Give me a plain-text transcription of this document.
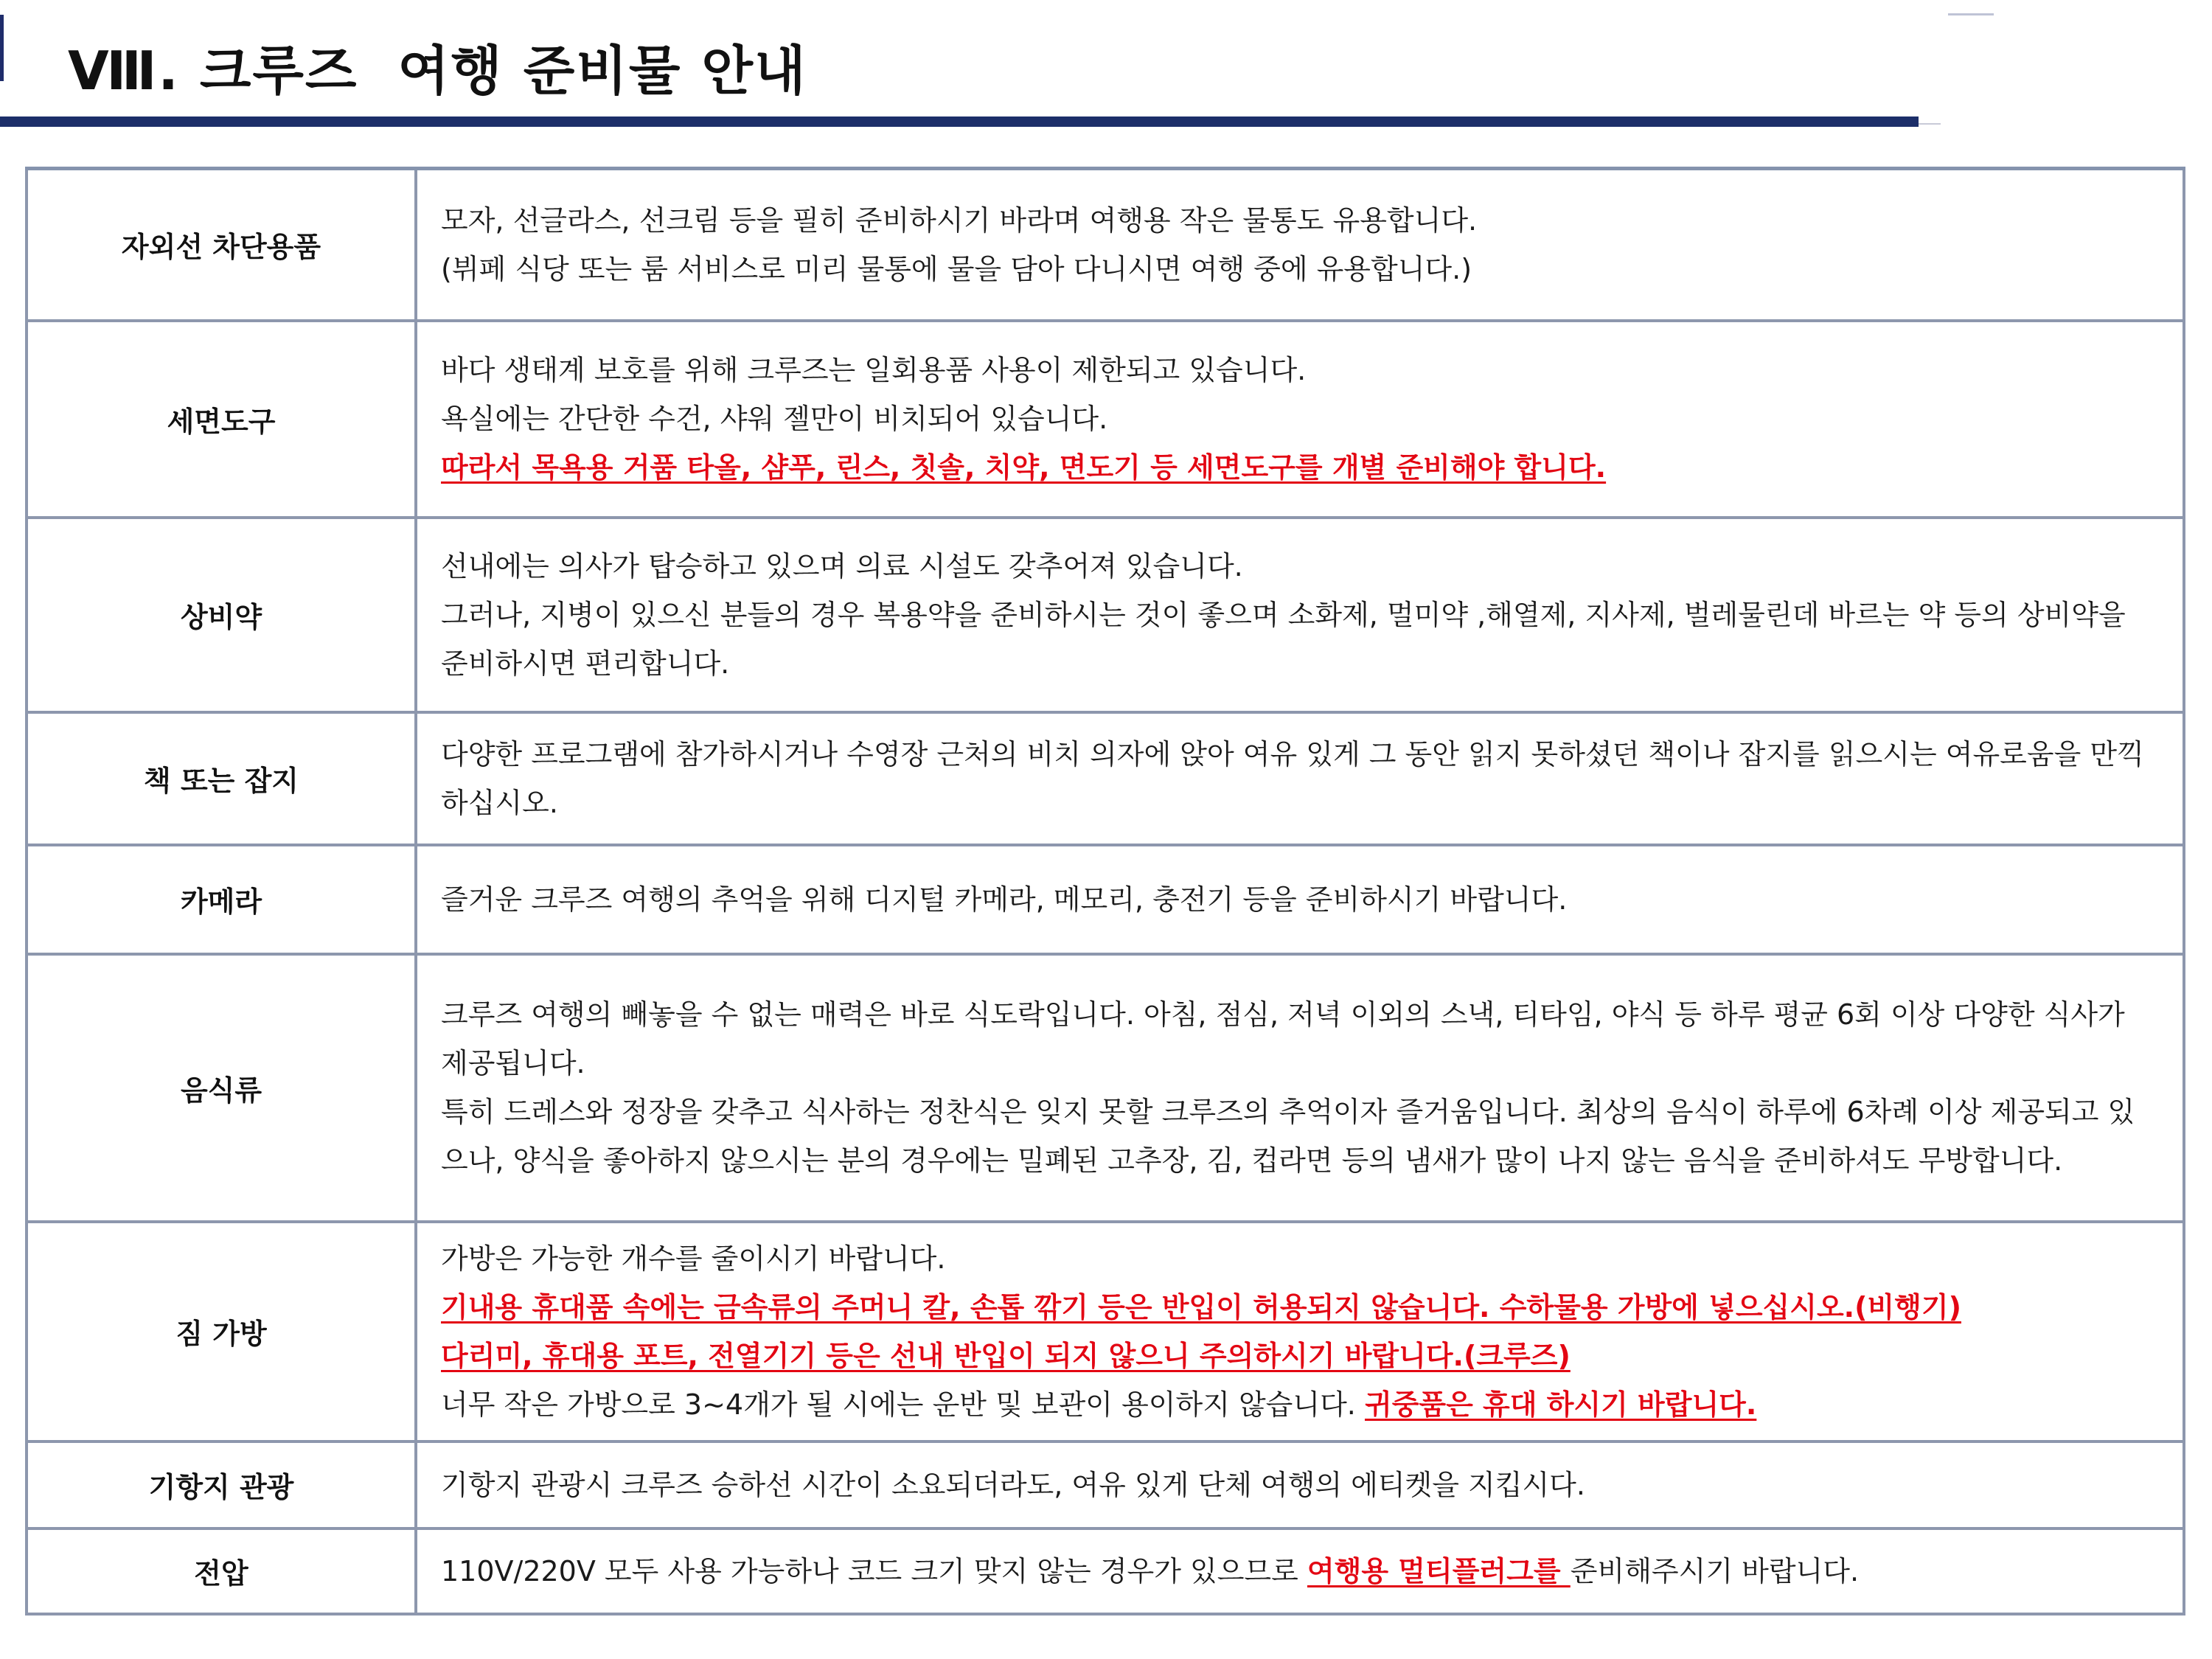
Ⅷ. 크루즈  여행 준비물 안내
자외선 차단용품	모자, 선글라스, 선크림 등을 필히 준비하시기 바라며 여행용 작은 물통도 유용합니다.
(뷔페 식당 또는 룸 서비스로 미리 물통에 물을 담아 다니시면 여행 중에 유용합니다.)

세면도구	바다 생태계 보호를 위해 크루즈는 일회용품 사용이 제한되고 있습니다.
욕실에는 간단한 수건, 샤워 젤만이 비치되어 있습니다.
따라서 목욕용 거품 타올, 샴푸, 린스, 칫솔, 치약, 면도기 등 세면도구를 개별 준비해야 합니다.

상비약	선내에는 의사가 탑승하고 있으며 의료 시설도 갖추어져 있습니다.
그러나, 지병이 있으신 분들의 경우 복용약을 준비하시는 것이 좋으며 소화제, 멀미약 ,해열제, 지사제, 벌레물린데 바르는 약 등의 상비약을 준비하시면 편리합니다.

책 또는 잡지	다양한 프로그램에 참가하시거나 수영장 근처의 비치 의자에 앉아 여유 있게 그 동안 읽지 못하셨던 책이나 잡지를 읽으시는 여유로움을 만끽하십시오.

카메라	즐거운 크루즈 여행의 추억을 위해 디지털 카메라, 메모리, 충전기 등을 준비하시기 바랍니다.

음식류	크루즈 여행의 빼놓을 수 없는 매력은 바로 식도락입니다. 아침, 점심, 저녁 이외의 스낵, 티타임, 야식 등 하루 평균 6회 이상 다양한 식사가 제공됩니다.
특히 드레스와 정장을 갖추고 식사하는 정찬식은 잊지 못할 크루즈의 추억이자 즐거움입니다. 최상의 음식이 하루에 6차례 이상 제공되고 있으나, 양식을 좋아하지 않으시는 분의 경우에는 밀폐된 고추장, 김, 컵라면 등의 냄새가 많이 나지 않는 음식을 준비하셔도 무방합니다.

짐 가방	가방은 가능한 개수를 줄이시기 바랍니다.
기내용 휴대품 속에는 금속류의 주머니 칼, 손톱 깎기 등은 반입이 허용되지 않습니다. 수하물용 가방에 넣으십시오.(비행기)
다리미, 휴대용 포트, 전열기기 등은 선내 반입이 되지 않으니 주의하시기 바랍니다.(크루즈)
너무 작은 가방으로 3~4개가 될 시에는 운반 및 보관이 용이하지 않습니다. 귀중품은 휴대 하시기 바랍니다.

기항지 관광	기항지 관광시 크루즈 승하선 시간이 소요되더라도, 여유 있게 단체 여행의 에티켓을 지킵시다.

전압	110V/220V 모두 사용 가능하나 코드 크기 맞지 않는 경우가 있으므로 여행용 멀티플러그를 준비해주시기 바랍니다.
